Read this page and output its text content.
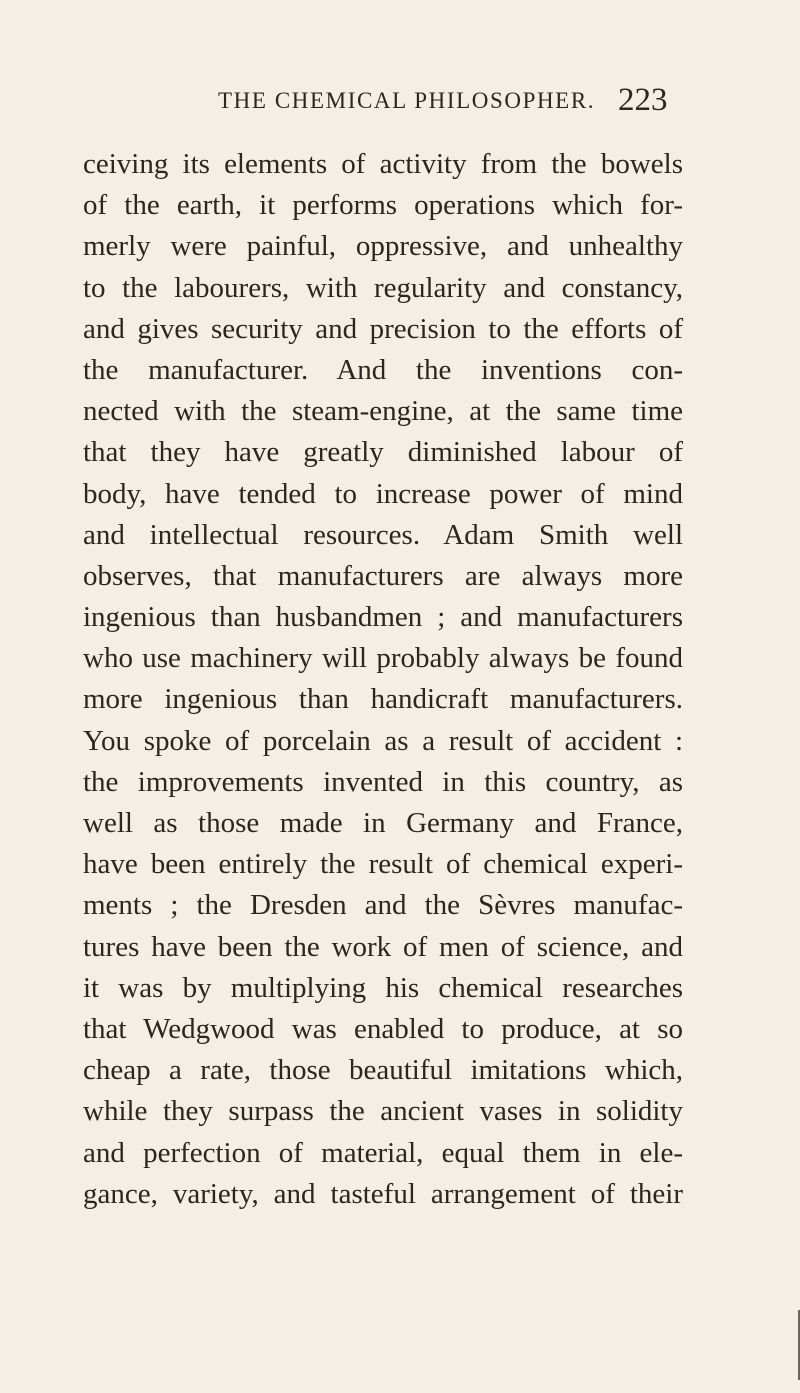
THE CHEMICAL PHILOSOPHER. 223
ceiving its elements of activity from the bowels
of the earth, it performs operations which for-
merly were painful, oppressive, and unhealthy
to the labourers, with regularity and constancy,
and gives security and precision to the efforts of
the manufacturer. And the inventions con-
nected with the steam-engine, at the same time
that they have greatly diminished labour of
body, have tended to increase power of mind
and intellectual resources. Adam Smith well
observes, that manufacturers are always more
ingenious than husbandmen ; and manufacturers
who use machinery will probably always be found
more ingenious than handicraft manufacturers.
You spoke of porcelain as a result of accident :
the improvements invented in this country, as
well as those made in Germany and France,
have been entirely the result of chemical experi-
ments ; the Dresden and the Sèvres manufac-
tures have been the work of men of science, and
it was by multiplying his chemical researches
that Wedgwood was enabled to produce, at so
cheap a rate, those beautiful imitations which,
while they surpass the ancient vases in solidity
and perfection of material, equal them in ele-
gance, variety, and tasteful arrangement of their
